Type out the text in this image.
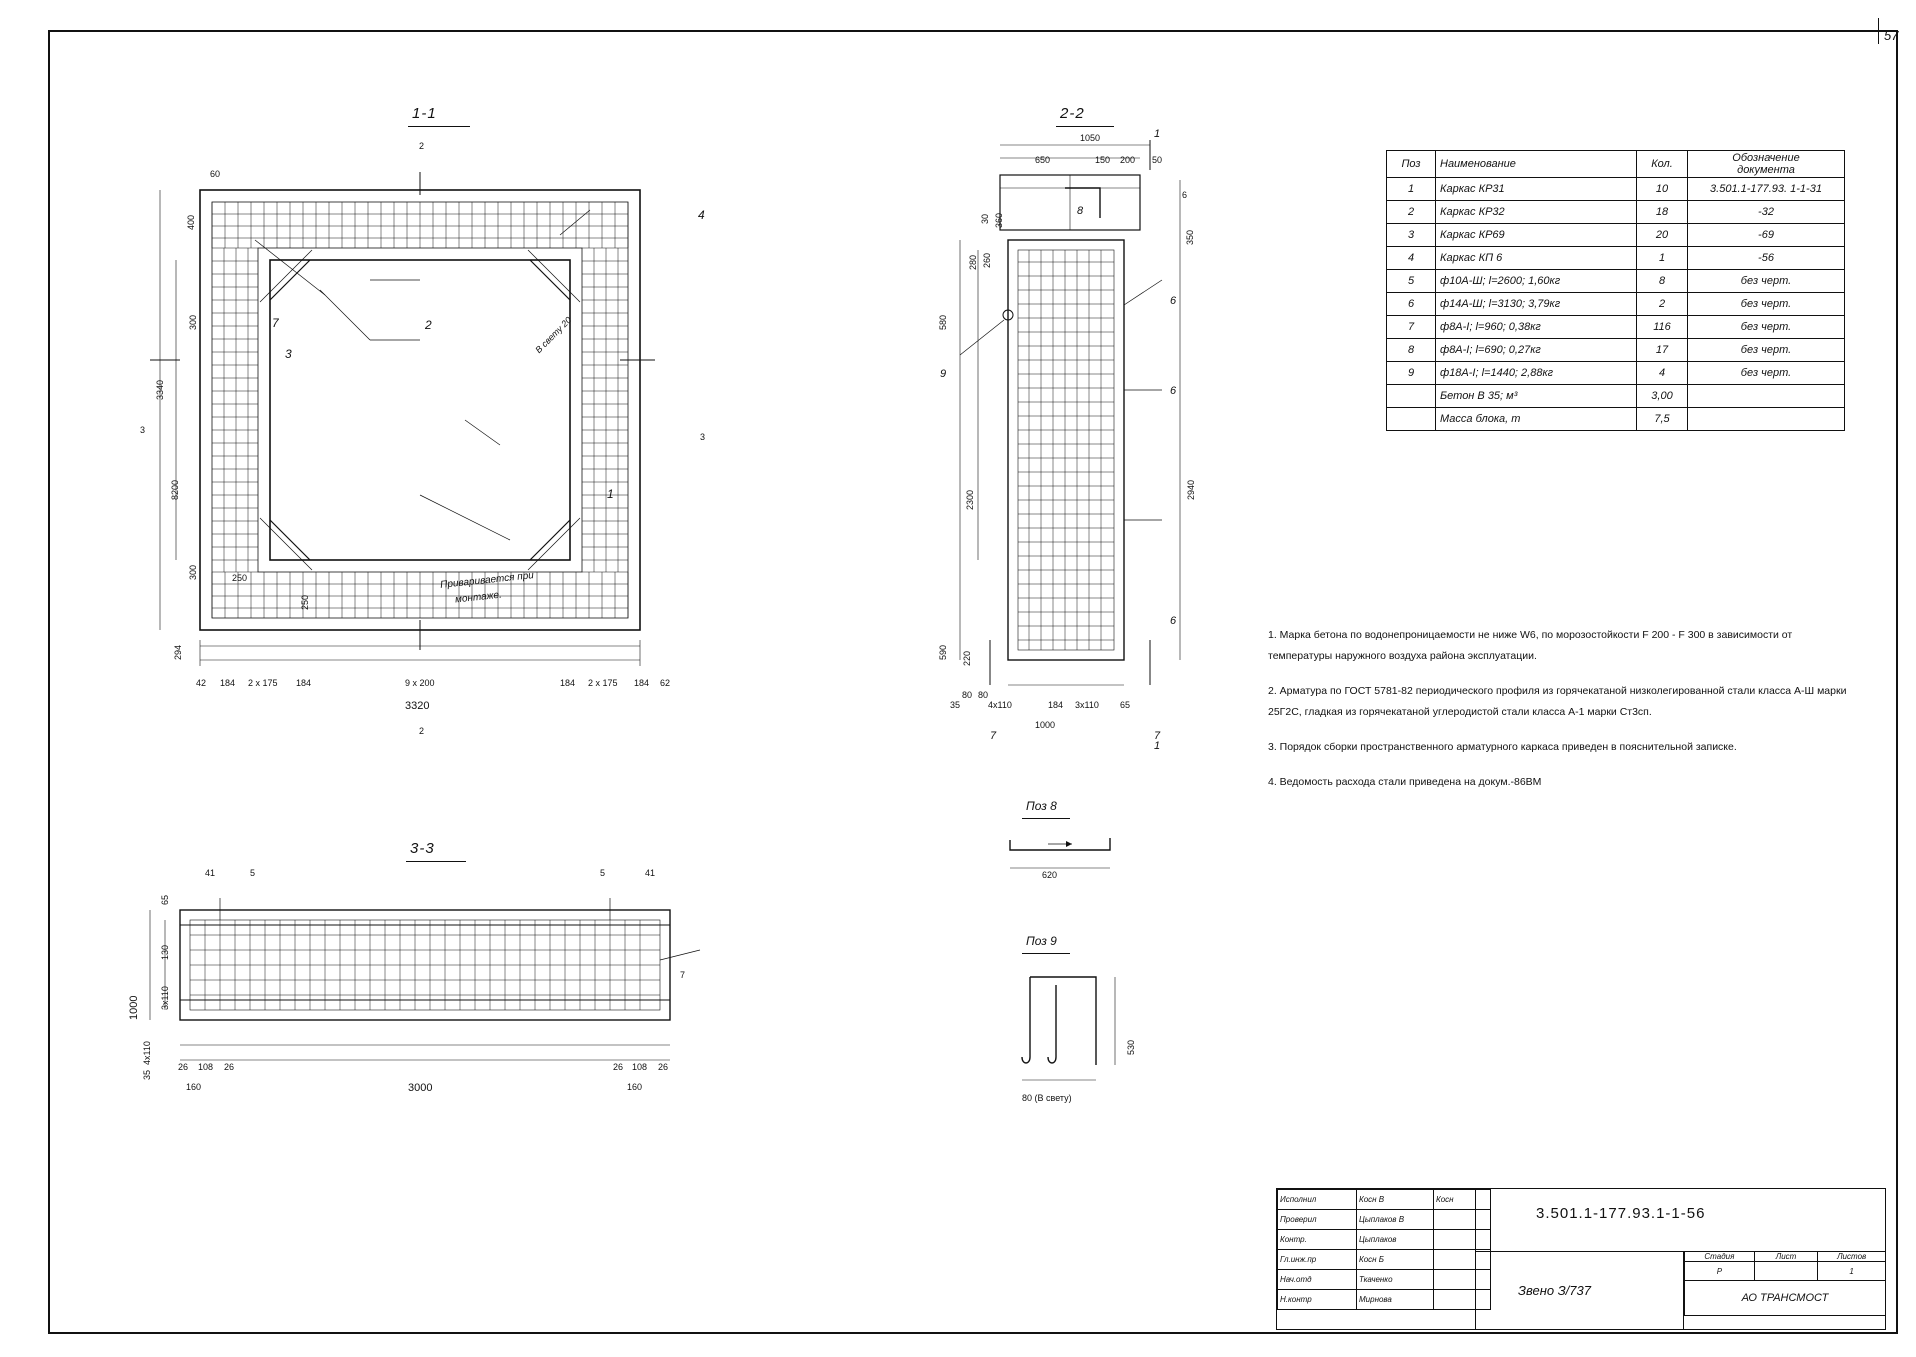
57
1-1
60
400
2
2
3
3
4
1
2
3
7
3340
8200
250
250
300
294
300
Приваривается при
монтаже.
В свету 20
42 184 2 x 175 184	9 x 200	184 2 x 175 184 62
3320
2-2
1050
650	150 200 50
6
350
2940
580
2300
590 220
280 260
360
30
80
80
35	4x110	184 3x110 65
1000
1
1
6
6
6
8
9
7	7
3-3
41	5	5	41
7
65
130
3x110
4x110
1000
35
26 108 26
3000
26 108 26
160	160
Поз 8
620
Поз 9
530
80 (В свету)
Поз	Наименование	Кол.	Обозначение
документа
1	Каркас КР31	10	3.501.1-177.93. 1-1-31
2	Каркас КР32	18	-32
3	Каркас КР69	20	-69
4	Каркас КП 6	1	-56
5	ф10А-Ш; Ɩ=2600; 1,60кг	8	без черт.
6	ф14А-Ш; Ɩ=3130; 3,79кг	2	без черт.
7	ф8А-I; Ɩ=960; 0,38кг	116	без черт.
8	ф8А-I; Ɩ=690; 0,27кг	17	без черт.
9	ф18А-I; Ɩ=1440; 2,88кг	4	без черт.
	Бетон В 35; м³	3,00	
	Масса блока, т	7,5	

1. Марка бетона по водонепроницаемости не ниже W6, по морозостойкости F 200 - F 300 в зависимости от температуры наружного воздуха района эксплуатации.

2. Арматура по ГОСТ 5781-82 периодического профиля из горячекатаной низколегированной стали класса А-Ш марки 25Г2С, гладкая из горячекатаной углеродистой стали класса А-1 марки Ст3сп.

3. Порядок сборки пространственного арматурного каркаса приведен в пояснительной записке.

4. Ведомость расхода стали приведена на докум.-86ВМ

Исполнил	Косн В	Косн
Проверил	Цыплаков В	
Контр.	Цыплаков	
Гл.инж.пр	Косн Б	
Нач.отд	Ткаченко	
Н.контр	Мирнова	
3.501.1-177.93.1-1-56
Звено З/737
Стадия	Лист	Листов
Р		1
АО ТРАНСМОСТ		
